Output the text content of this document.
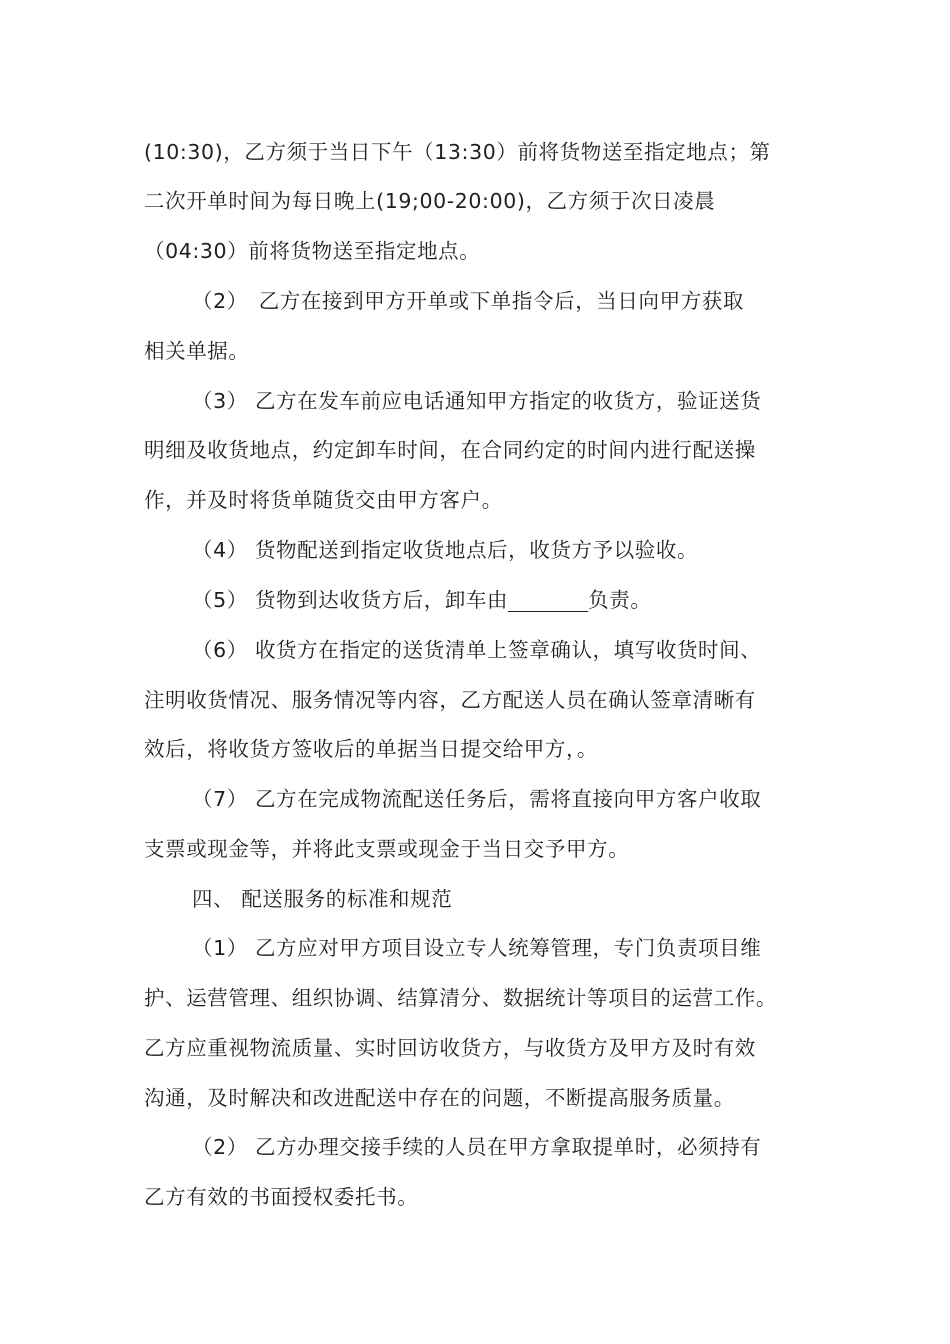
(10:30)，乙方须于当日下午（13:30）前将货物送至指定地点；第
二次开单时间为每日晚上(19;00-20:00)，乙方须于次日凌晨
（04:30）前将货物送至指定地点。
（2）　乙方在接到甲方开单或下单指令后，当日向甲方获取
相关单据。
（3） 乙方在发车前应电话通知甲方指定的收货方，验证送货
明细及收货地点，约定卸车时间，在合同约定的时间内进行配送操
作，并及时将货单随货交由甲方客户。
（4） 货物配送到指定收货地点后，收货方予以验收。
（5） 货物到达收货方后，卸车由	负责。
（6） 收货方在指定的送货清单上签章确认，填写收货时间、
注明收货情况、服务情况等内容，乙方配送人员在确认签章清晰有
效后，将收货方签收后的单据当日提交给甲方，。
（7） 乙方在完成物流配送任务后，需将直接向甲方客户收取
支票或现金等，并将此支票或现金于当日交予甲方。
四、 配送服务的标准和规范
（1） 乙方应对甲方项目设立专人统筹管理，专门负责项目维
护、运营管理、组织协调、结算清分、数据统计等项目的运营工作。
乙方应重视物流质量、实时回访收货方，与收货方及甲方及时有效
沟通，及时解决和改进配送中存在的问题，不断提高服务质量。
（2） 乙方办理交接手续的人员在甲方拿取提单时，必须持有
乙方有效的书面授权委托书。
